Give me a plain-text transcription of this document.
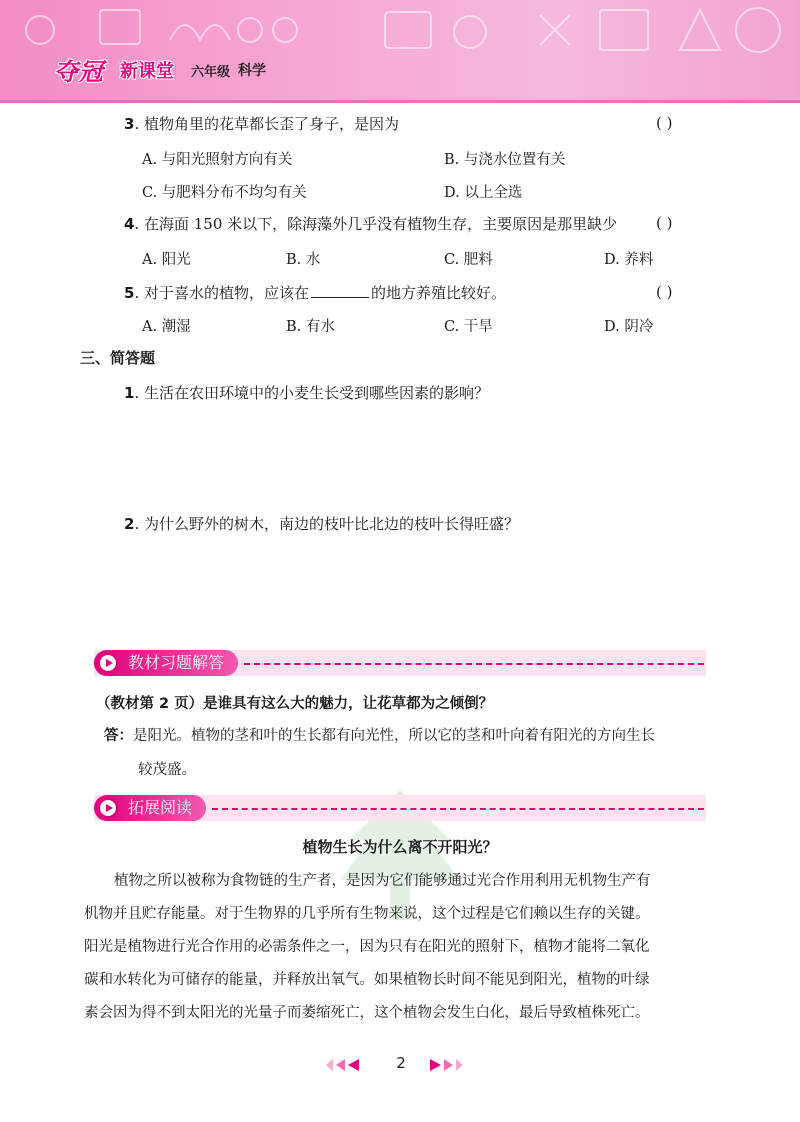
夺冠 新课堂 六年级 科学
3. 植物角里的花草都长歪了身子，是因为	( )
A. 与阳光照射方向有关	B. 与浇水位置有关
C. 与肥料分布不均匀有关	D. 以上全选
4. 在海面 150 米以下，除海藻外几乎没有植物生存，主要原因是那里缺少	( )
A. 阳光	B. 水	C. 肥料	D. 养料
5. 对于喜水的植物，应该在	的地方养殖比较好。	( )
A. 潮湿	B. 有水	C. 干旱	D. 阴冷
三、简答题
1. 生活在农田环境中的小麦生长受到哪些因素的影响？
2. 为什么野外的树木，南边的枝叶比北边的枝叶长得旺盛？
教材习题解答
（教材第 2 页）是谁具有这么大的魅力，让花草都为之倾倒？
答：是阳光。植物的茎和叶的生长都有向光性，所以它的茎和叶向着有阳光的方向生长
较茂盛。
拓展阅读
植物生长为什么离不开阳光？
植物之所以被称为食物链的生产者，是因为它们能够通过光合作用利用无机物生产有
机物并且贮存能量。对于生物界的几乎所有生物来说，这个过程是它们赖以生存的关键。
阳光是植物进行光合作用的必需条件之一，因为只有在阳光的照射下，植物才能将二氧化
碳和水转化为可储存的能量，并释放出氧气。如果植物长时间不能见到阳光，植物的叶绿
素会因为得不到太阳光的光量子而萎缩死亡，这个植物会发生白化，最后导致植株死亡。
2
